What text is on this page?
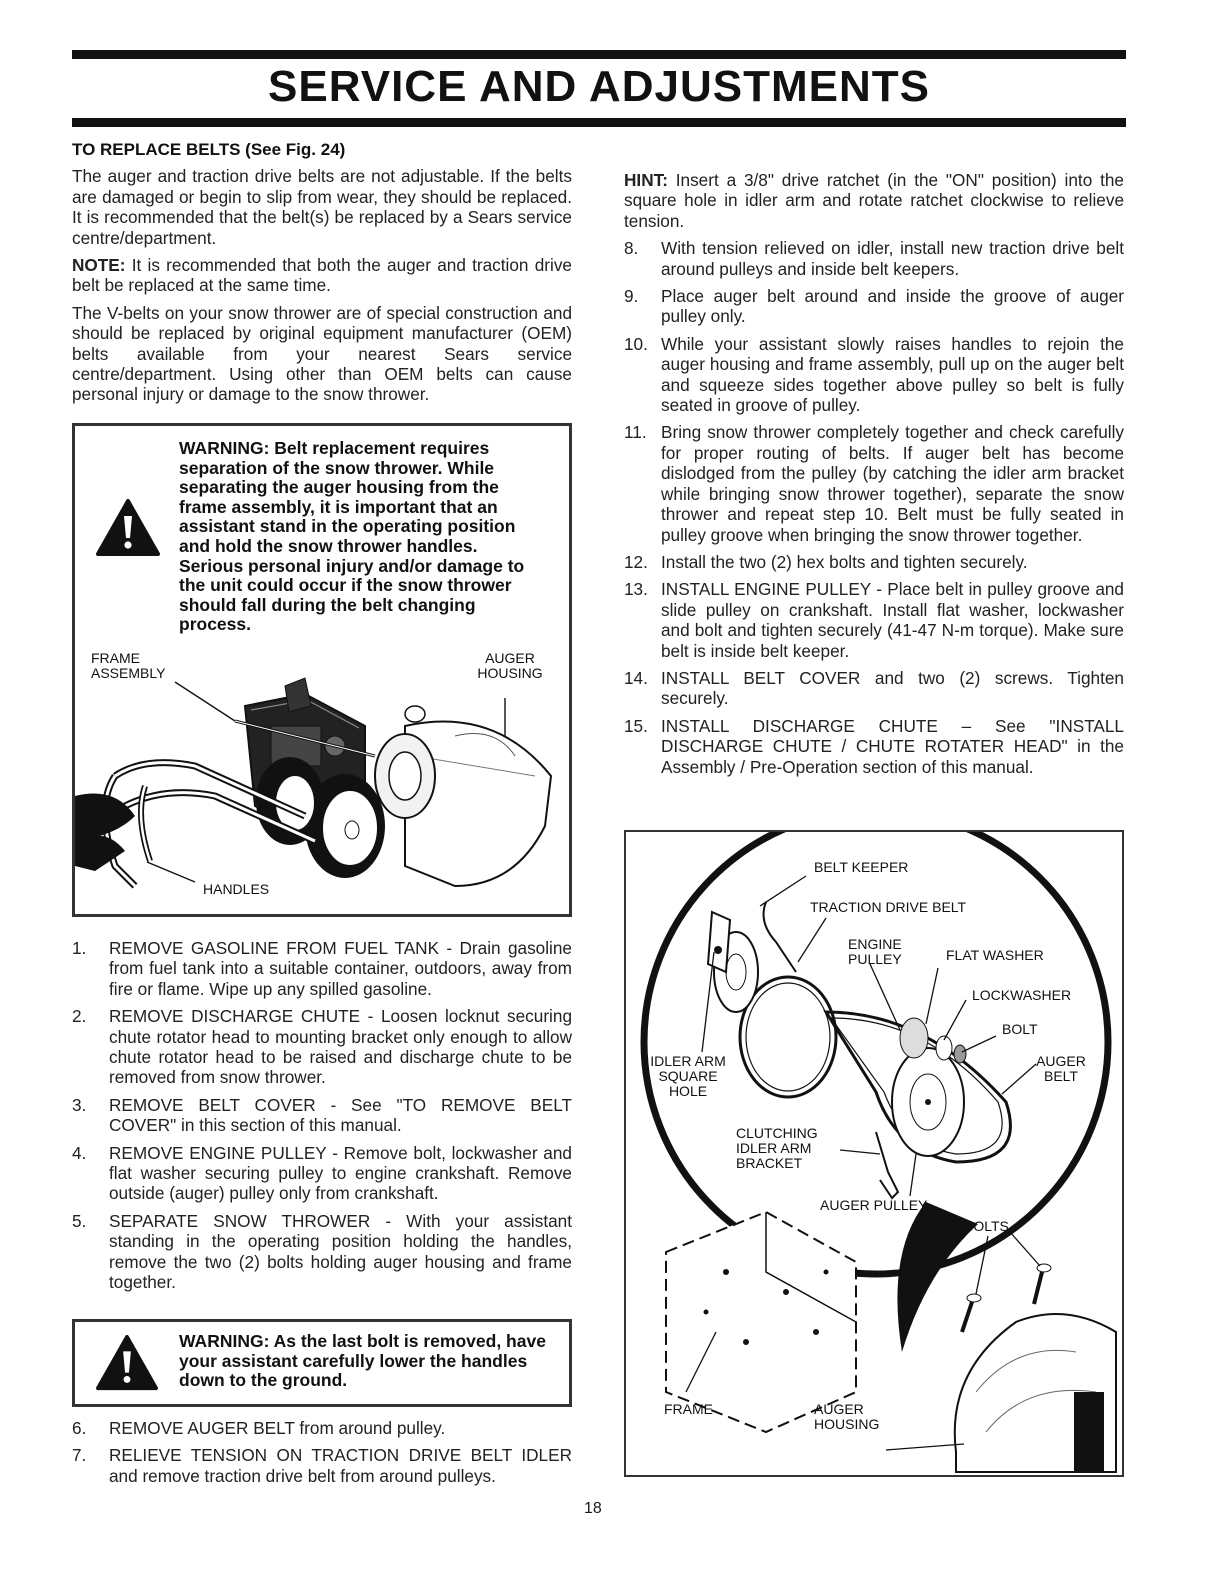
SERVICE AND ADJUSTMENTS
TO REPLACE BELTS (See Fig. 24)

The auger and traction drive belts are not adjustable. If the belts are damaged or begin to slip from wear, they should be replaced. It is recommended that the belt(s) be replaced by a Sears service centre/department.

NOTE: It is recommended that both the auger and traction drive belt be replaced at the same time.

The V-belts on your snow thrower are of special construction and should be replaced by original equipment manufacturer (OEM) belts available from your nearest Sears service centre/department. Using other than OEM belts can cause personal injury or damage to the snow thrower.

WARNING: Belt replacement requires separation of the snow thrower. While separating the auger housing from the frame assembly, it is important that an assistant stand in the operating position and hold the snow thrower handles. Serious personal injury and/or damage to the unit could occur if the snow thrower should fall during the belt changing process.
FRAME
ASSEMBLY
AUGER
HOUSING
HANDLES
1.	REMOVE GASOLINE FROM FUEL TANK - Drain gasoline from fuel tank into a suitable container, outdoors, away from fire or flame. Wipe up any spilled gasoline.
2.	REMOVE DISCHARGE CHUTE - Loosen locknut securing chute rotator head to mounting bracket only enough to allow chute rotator head to be raised and discharge chute to be removed from snow thrower.
3.	REMOVE BELT COVER - See "TO REMOVE BELT COVER" in this section of this manual.
4.	REMOVE ENGINE PULLEY - Remove bolt, lockwasher and flat washer securing pulley to engine crankshaft. Remove outside (auger) pulley only from crankshaft.
5.	SEPARATE SNOW THROWER - With your assistant standing in the operating position holding the handles, remove the two (2) bolts holding auger housing and frame together.
WARNING: As the last bolt is removed, have your assistant carefully lower the handles down to the ground.
6.	REMOVE AUGER BELT from around pulley.
7.	RELIEVE TENSION ON TRACTION DRIVE BELT IDLER and remove traction drive belt from around pulleys.

HINT: Insert a 3/8" drive ratchet (in the "ON" position) into the square hole in idler arm and rotate ratchet clockwise to relieve tension.

8.	With tension relieved on idler, install new traction drive belt around pulleys and inside belt keepers.
9.	Place auger belt around and inside the groove of auger pulley only.
10. While your assistant slowly raises handles to rejoin the auger housing and frame assembly, pull up on the auger belt and squeeze sides together above pulley so belt is fully seated in groove of pulley.
11. Bring snow thrower completely together and check carefully for proper routing of belts. If auger belt has become dislodged from the pulley (by catching the idler arm bracket while bringing snow thrower together), separate the snow thrower and repeat step 10. Belt must be fully seated in pulley groove when bringing the snow thrower together.
12. Install the two (2) hex bolts and tighten securely.
13. INSTALL ENGINE PULLEY - Place belt in pulley groove and slide pulley on crankshaft. Install flat washer, lockwasher and bolt and tighten securely (41-47 N-m torque). Make sure belt is inside belt keeper.
14. INSTALL BELT COVER and two (2) screws. Tighten securely.
15. INSTALL DISCHARGE CHUTE – See "INSTALL DISCHARGE CHUTE / CHUTE ROTATER HEAD" in the Assembly / Pre-Operation section of this manual.
BELT KEEPER
TRACTION DRIVE BELT
ENGINE
PULLEY	FLAT WASHER
LOCKWASHER
BOLT
IDLER ARM
SQUARE
HOLE
AUGER
BELT
CLUTCHING
IDLER ARM
BRACKET
AUGER PULLEY
BOLTS
FRAME	AUGER
HOUSING
18
